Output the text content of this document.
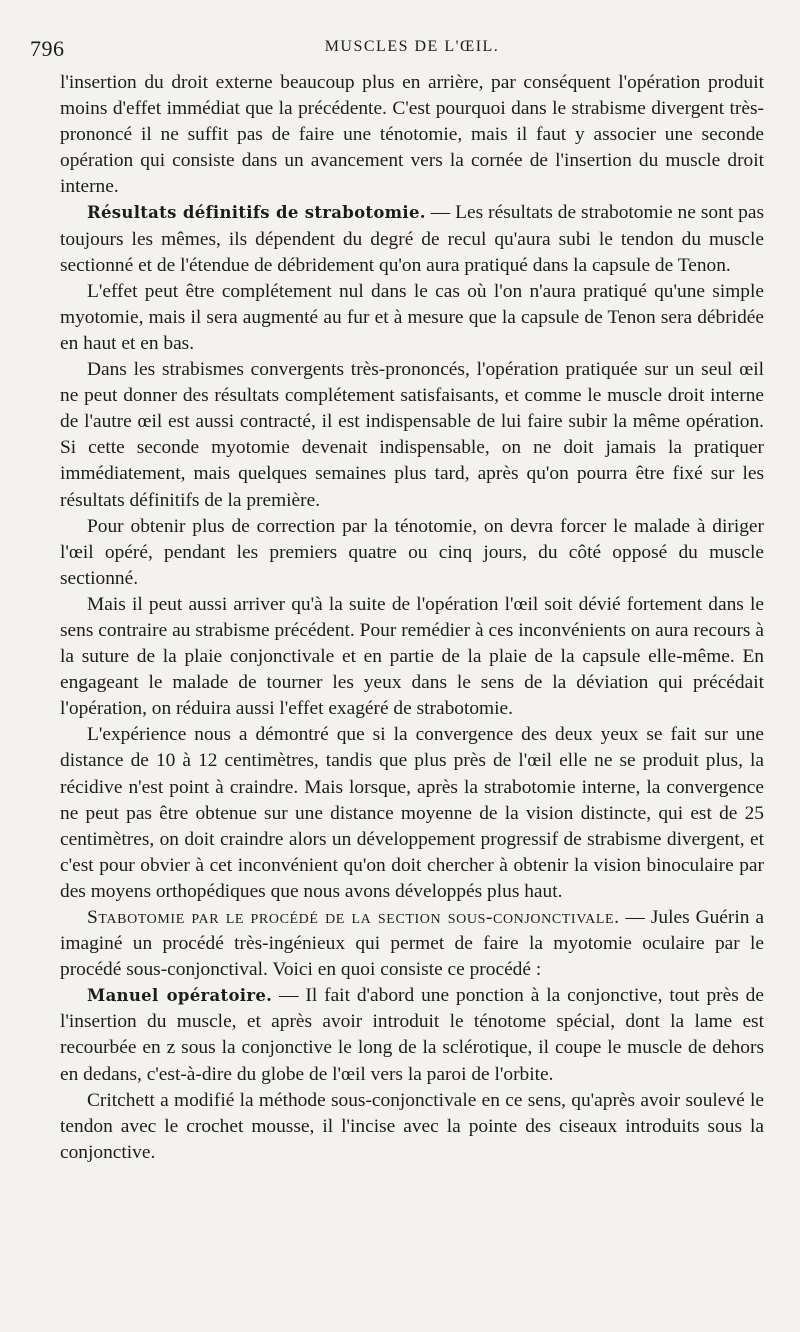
796	MUSCLES DE L'ŒIL.

l'insertion du droit externe beaucoup plus en arrière, par conséquent l'opération produit moins d'effet immédiat que la précédente. C'est pourquoi dans le strabisme divergent très-prononcé il ne suffit pas de faire une ténotomie, mais il faut y associer une seconde opération qui consiste dans un avancement vers la cornée de l'insertion du muscle droit interne.

Résultats définitifs de strabotomie. — Les résultats de strabotomie ne sont pas toujours les mêmes, ils dépendent du degré de recul qu'aura subi le tendon du muscle sectionné et de l'étendue de débridement qu'on aura pratiqué dans la capsule de Tenon.

L'effet peut être complétement nul dans le cas où l'on n'aura pratiqué qu'une simple myotomie, mais il sera augmenté au fur et à mesure que la capsule de Tenon sera débridée en haut et en bas.

Dans les strabismes convergents très-prononcés, l'opération pratiquée sur un seul œil ne peut donner des résultats complétement satisfaisants, et comme le muscle droit interne de l'autre œil est aussi contracté, il est indispensable de lui faire subir la même opération. Si cette seconde myotomie devenait indispensable, on ne doit jamais la pratiquer immédiatement, mais quelques semaines plus tard, après qu'on pourra être fixé sur les résultats définitifs de la première.

Pour obtenir plus de correction par la ténotomie, on devra forcer le malade à diriger l'œil opéré, pendant les premiers quatre ou cinq jours, du côté opposé du muscle sectionné.

Mais il peut aussi arriver qu'à la suite de l'opération l'œil soit dévié fortement dans le sens contraire au strabisme précédent. Pour remédier à ces inconvénients on aura recours à la suture de la plaie conjonctivale et en partie de la plaie de la capsule elle-même. En engageant le malade de tourner les yeux dans le sens de la déviation qui précédait l'opération, on réduira aussi l'effet exagéré de strabotomie.

L'expérience nous a démontré que si la convergence des deux yeux se fait sur une distance de 10 à 12 centimètres, tandis que plus près de l'œil elle ne se produit plus, la récidive n'est point à craindre. Mais lorsque, après la strabotomie interne, la convergence ne peut pas être obtenue sur une distance moyenne de la vision distincte, qui est de 25 centimètres, on doit craindre alors un développement progressif de strabisme divergent, et c'est pour obvier à cet inconvénient qu'on doit chercher à obtenir la vision binoculaire par des moyens orthopédiques que nous avons développés plus haut.

Stabotomie par le procédé de la section sous-conjonctivale. — Jules Guérin a imaginé un procédé très-ingénieux qui permet de faire la myotomie oculaire par le procédé sous-conjonctival. Voici en quoi consiste ce procédé :

Manuel opératoire. — Il fait d'abord une ponction à la conjonctive, tout près de l'insertion du muscle, et après avoir introduit le ténotome spécial, dont la lame est recourbée en z sous la conjonctive le long de la sclérotique, il coupe le muscle de dehors en dedans, c'est-à-dire du globe de l'œil vers la paroi de l'orbite.

Critchett a modifié la méthode sous-conjonctivale en ce sens, qu'après avoir soulevé le tendon avec le crochet mousse, il l'incise avec la pointe des ciseaux introduits sous la conjonctive.
